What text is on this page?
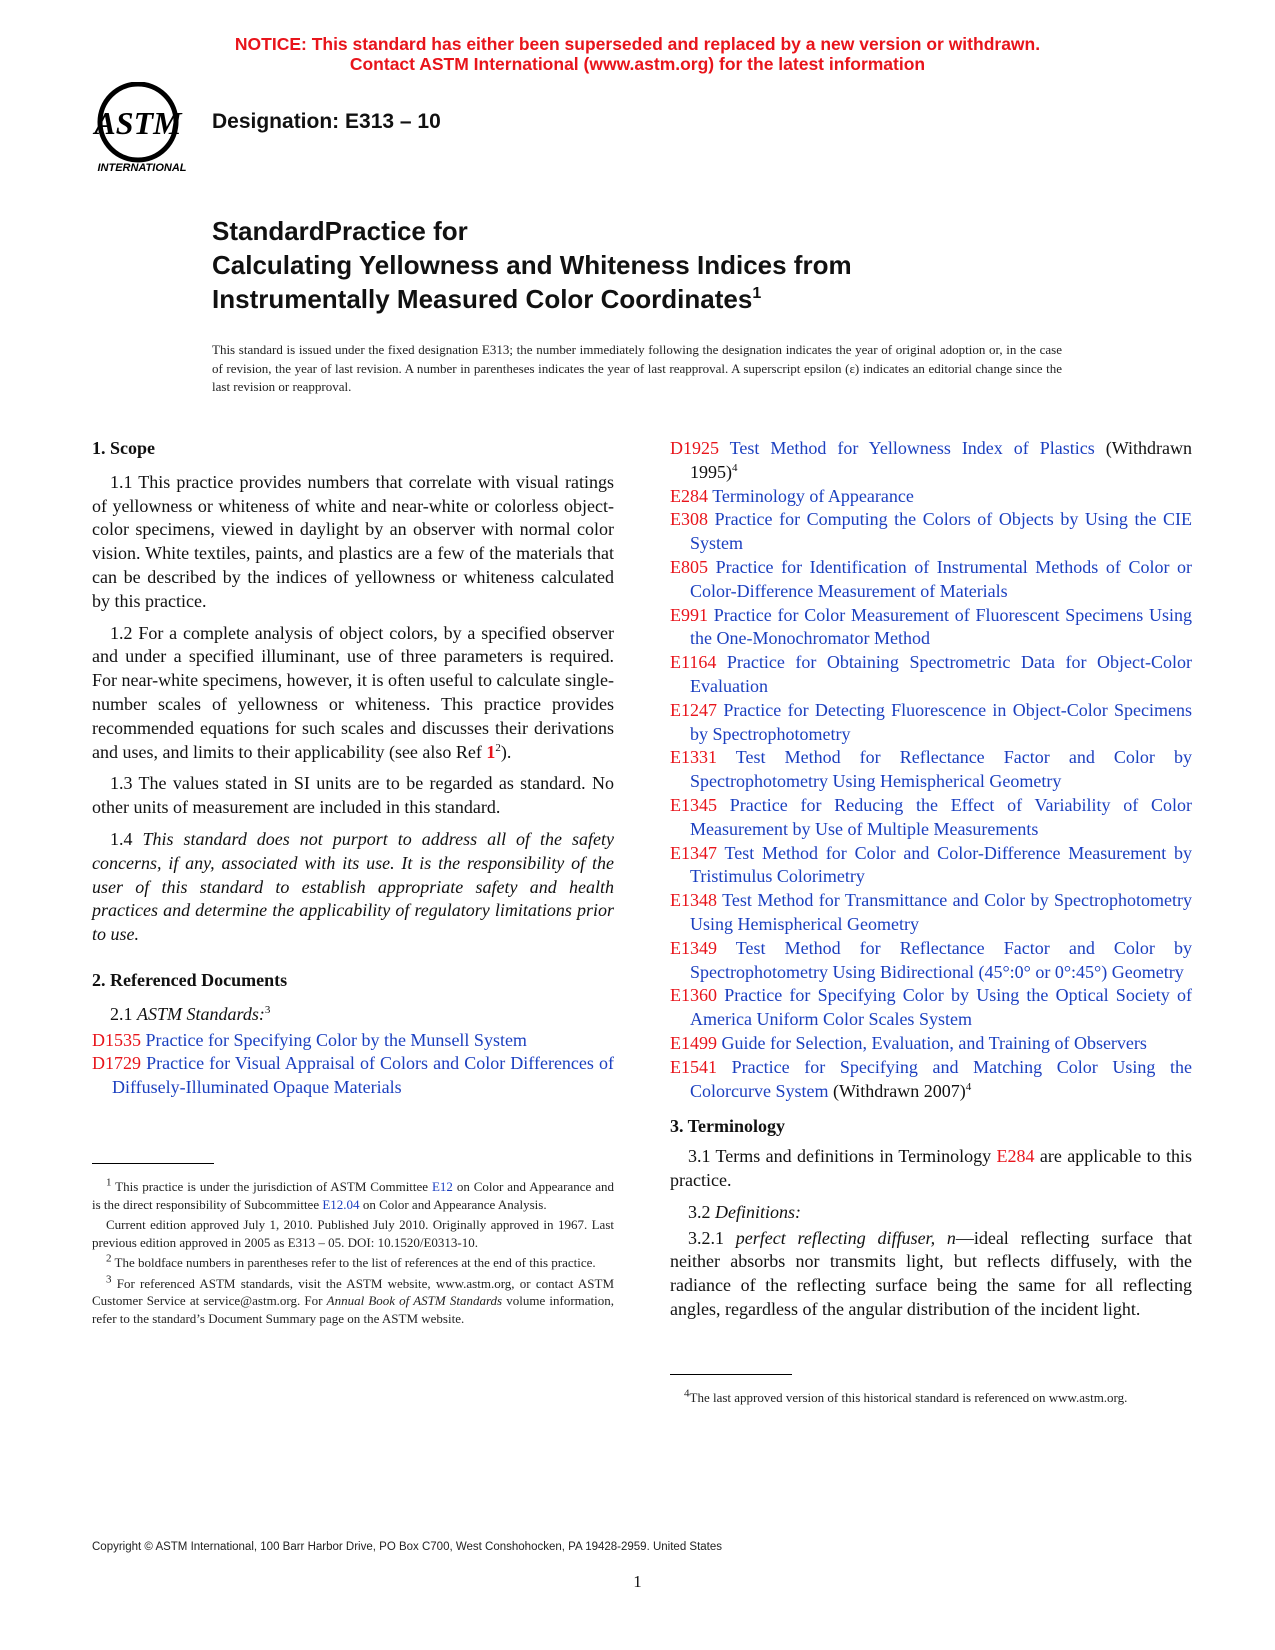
NOTICE: This standard has either been superseded and replaced by a new version or withdrawn.
Contact ASTM International (www.astm.org) for the latest information
ASTM
INTERNATIONAL
Designation: E313 – 10
StandardPractice for
Calculating Yellowness and Whiteness Indices from
Instrumentally Measured Color Coordinates$^1$
This standard is issued under the fixed designation E313; the number immediately following the designation indicates the year of original adoption or, in the case of revision, the year of last revision. A number in parentheses indicates the year of last reapproval. A superscript epsilon (ε) indicates an editorial change since the last revision or reapproval.
1. Scope

1.1 This practice provides numbers that correlate with visual ratings of yellowness or whiteness of white and near-white or colorless object-color specimens, viewed in daylight by an observer with normal color vision. White textiles, paints, and plastics are a few of the materials that can be described by the indices of yellowness or whiteness calculated by this practice.

1.2 For a complete analysis of object colors, by a specified observer and under a specified illuminant, use of three parameters is required. For near-white specimens, however, it is often useful to calculate single-number scales of yellowness or whiteness. This practice provides recommended equations for such scales and discusses their derivations and uses, and limits to their applicability (see also Ref $1^2$).

1.3 The values stated in SI units are to be regarded as standard. No other units of measurement are included in this standard.

1.4 This standard does not purport to address all of the safety concerns, if any, associated with its use. It is the responsibility of the user of this standard to establish appropriate safety and health practices and determine the applicability of regulatory limitations prior to use.

2. Referenced Documents

2.1 ASTM Standards:$^3$

D1535 Practice for Specifying Color by the Munsell System
D1729 Practice for Visual Appraisal of Colors and Color Differences of Diffusely-Illuminated Opaque Materials

$^1$ This practice is under the jurisdiction of ASTM Committee E12 on Color and Appearance and is the direct responsibility of Subcommittee E12.04 on Color and Appearance Analysis.

Current edition approved July 1, 2010. Published July 2010. Originally approved in 1967. Last previous edition approved in 2005 as E313 – 05. DOI: 10.1520/E0313-10.

$^2$ The boldface numbers in parentheses refer to the list of references at the end of this practice.

$^3$ For referenced ASTM standards, visit the ASTM website, www.astm.org, or contact ASTM Customer Service at service@astm.org. For Annual Book of ASTM Standards volume information, refer to the standard’s Document Summary page on the ASTM website.

D1925 Test Method for Yellowness Index of Plastics (Withdrawn 1995)$^4$
E284 Terminology of Appearance
E308 Practice for Computing the Colors of Objects by Using the CIE System
E805 Practice for Identification of Instrumental Methods of Color or Color-Difference Measurement of Materials
E991 Practice for Color Measurement of Fluorescent Specimens Using the One-Monochromator Method
E1164 Practice for Obtaining Spectrometric Data for Object-Color Evaluation
E1247 Practice for Detecting Fluorescence in Object-Color Specimens by Spectrophotometry
E1331 Test Method for Reflectance Factor and Color by Spectrophotometry Using Hemispherical Geometry
E1345 Practice for Reducing the Effect of Variability of Color Measurement by Use of Multiple Measurements
E1347 Test Method for Color and Color-Difference Measurement by Tristimulus Colorimetry
E1348 Test Method for Transmittance and Color by Spectrophotometry Using Hemispherical Geometry
E1349 Test Method for Reflectance Factor and Color by Spectrophotometry Using Bidirectional (45°:0° or 0°:45°) Geometry
E1360 Practice for Specifying Color by Using the Optical Society of America Uniform Color Scales System
E1499 Guide for Selection, Evaluation, and Training of Observers
E1541 Practice for Specifying and Matching Color Using the Colorcurve System (Withdrawn 2007)$^4$
3. Terminology

3.1 Terms and definitions in Terminology E284 are applicable to this practice.

3.2 Definitions:

3.2.1 perfect reflecting diffuser, n—ideal reflecting surface that neither absorbs nor transmits light, but reflects diffusely, with the radiance of the reflecting surface being the same for all reflecting angles, regardless of the angular distribution of the incident light.

$^4$The last approved version of this historical standard is referenced on www.astm.org.

Copyright © ASTM International, 100 Barr Harbor Drive, PO Box C700, West Conshohocken, PA 19428-2959. United States
1
